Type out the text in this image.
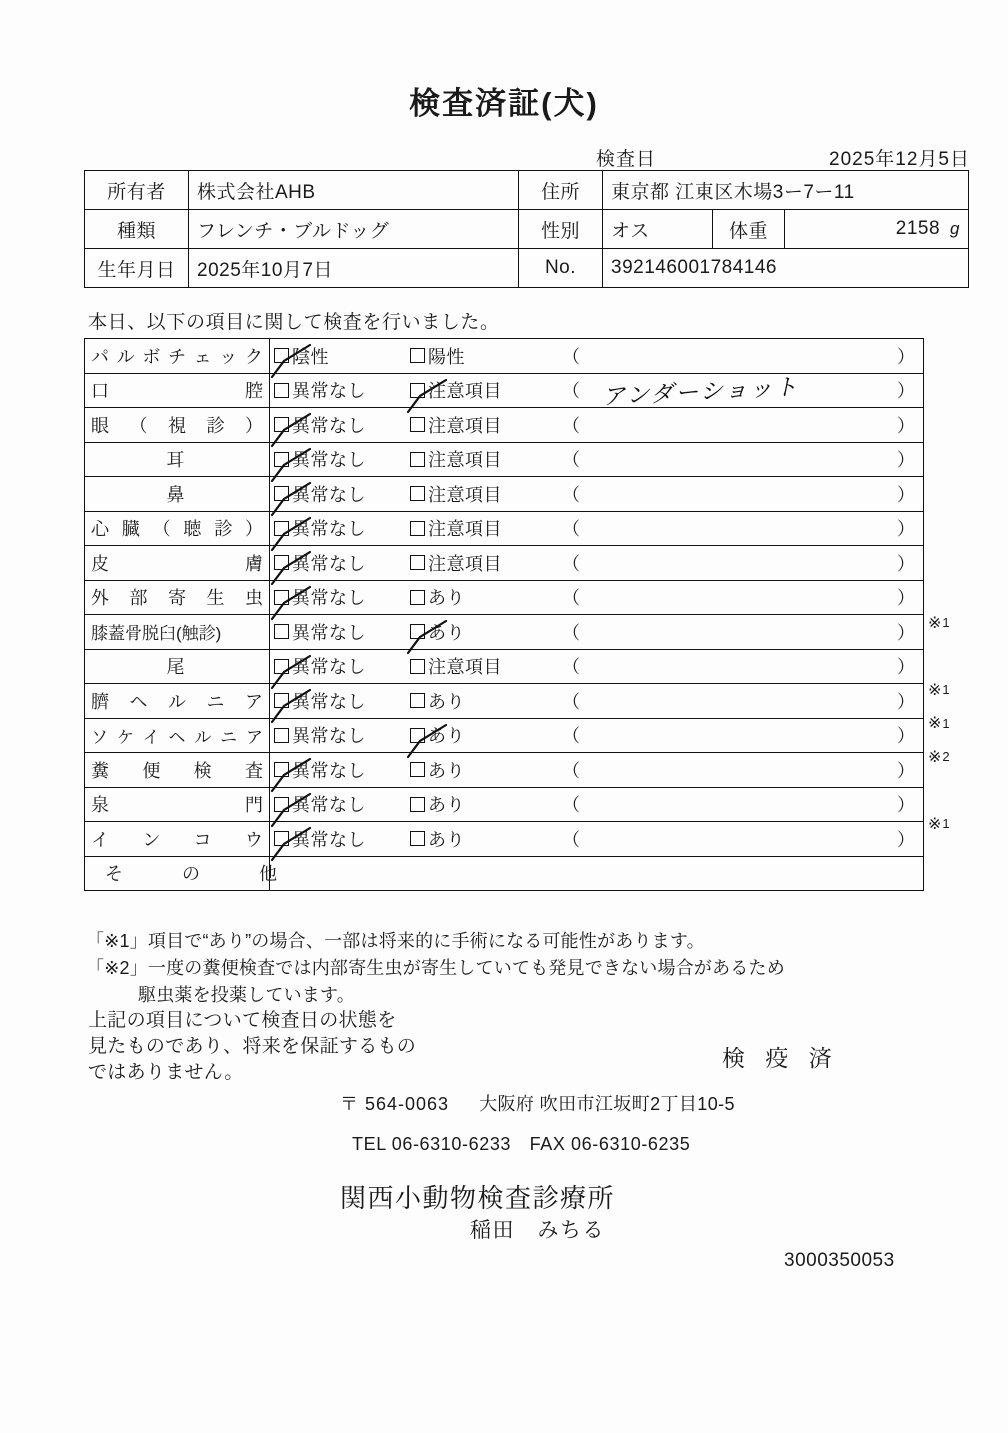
検査済証(犬)
検査日	2025年12月5日
所有者	株式会社AHB	住所	東京都 江東区木場3ー7ー11		
種類	フレンチ・ブルドッグ	性別	オス	体重	2158 g
生年月日	2025年10月7日	No.	392146001784146		
本日、以下の項目に関して検査を行いました。
パ ル ボ チ ェ ッ ク	陰性	陽性	（	）

口 腔	異常なし 注意項目 （ アンダーショット ）

眼 （ 視 診 ）	異常なし 注意項目 （ ）

耳	異常なし 注意項目 （ ）

鼻	異常なし 注意項目 （ ）

心 臓 （ 聴 診 ）	異常なし	注意項目	（	）

皮 膚	異常なし 注意項目 （ ）

外 部 寄 生 虫	異常なし あり （ ）

膝蓋骨脱臼(触診)	異常なし あり （ ）

尾	異常なし 注意項目 （ ）

臍 ヘ ル ニ ア	異常なし あり （ ）

ソ ケ イ ヘ ル ニ ア	異常なし	あり	（	）

糞 便 検 査	異常なし あり （ ）

泉 門	異常なし あり （ ）

イ ン コ ウ	異常なし あり （ ）

そ の 他	

※ 1
※ 1
※ 1
※ 2
※ 1
「※1」項目で“あり”の場合、一部は将来的に手術になる可能性があります。
「※2」一度の糞便検査では内部寄生虫が寄生していても発見できない場合があるため
駆虫薬を投薬しています。
上記の項目について検査日の状態を
見たものであり、将来を保証するもの
ではありません。
検 疫 済
〒 564-0063 大阪府 吹田市江坂町2丁目10-5
TEL 06-6310-6233　FAX 06-6310-6235
関西小動物検査診療所
稲田　みちる
3000350053
